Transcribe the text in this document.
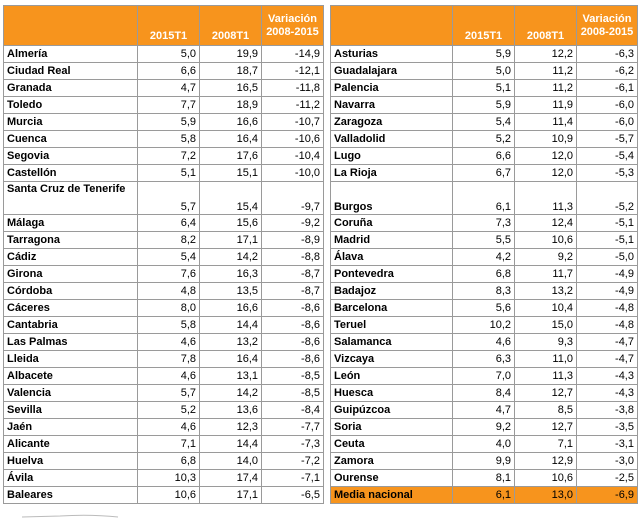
	2015T1	2008T1	Variación
2008-2015
Almería	5,0	19,9	-14,9
Ciudad Real	6,6	18,7	-12,1
Granada	4,7	16,5	-11,8
Toledo	7,7	18,9	-11,2
Murcia	5,9	16,6	-10,7
Cuenca	5,8	16,4	-10,6
Segovia	7,2	17,6	-10,4
Castellón	5,1	15,1	-10,0
Santa Cruz de Tenerife	5,7	15,4	-9,7
Málaga	6,4	15,6	-9,2
Tarragona	8,2	17,1	-8,9
Cádiz	5,4	14,2	-8,8
Girona	7,6	16,3	-8,7
Córdoba	4,8	13,5	-8,7
Cáceres	8,0	16,6	-8,6
Cantabria	5,8	14,4	-8,6
Las Palmas	4,6	13,2	-8,6
Lleida	7,8	16,4	-8,6
Albacete	4,6	13,1	-8,5
Valencia	5,7	14,2	-8,5
Sevilla	5,2	13,6	-8,4
Jaén	4,6	12,3	-7,7
Alicante	7,1	14,4	-7,3
Huelva	6,8	14,0	-7,2
Ávila	10,3	17,4	-7,1
Baleares	10,6	17,1	-6,5
	2015T1	2008T1	Variación
2008-2015
Asturias	5,9	12,2	-6,3
Guadalajara	5,0	11,2	-6,2
Palencia	5,1	11,2	-6,1
Navarra	5,9	11,9	-6,0
Zaragoza	5,4	11,4	-6,0
Valladolid	5,2	10,9	-5,7
Lugo	6,6	12,0	-5,4
La Rioja	6,7	12,0	-5,3
Burgos	6,1	11,3	-5,2
Coruña	7,3	12,4	-5,1
Madrid	5,5	10,6	-5,1
Álava	4,2	9,2	-5,0
Pontevedra	6,8	11,7	-4,9
Badajoz	8,3	13,2	-4,9
Barcelona	5,6	10,4	-4,8
Teruel	10,2	15,0	-4,8
Salamanca	4,6	9,3	-4,7
Vizcaya	6,3	11,0	-4,7
León	7,0	11,3	-4,3
Huesca	8,4	12,7	-4,3
Guipúzcoa	4,7	8,5	-3,8
Soria	9,2	12,7	-3,5
Ceuta	4,0	7,1	-3,1
Zamora	9,9	12,9	-3,0
Ourense	8,1	10,6	-2,5
Media nacional	6,1	13,0	-6,9
